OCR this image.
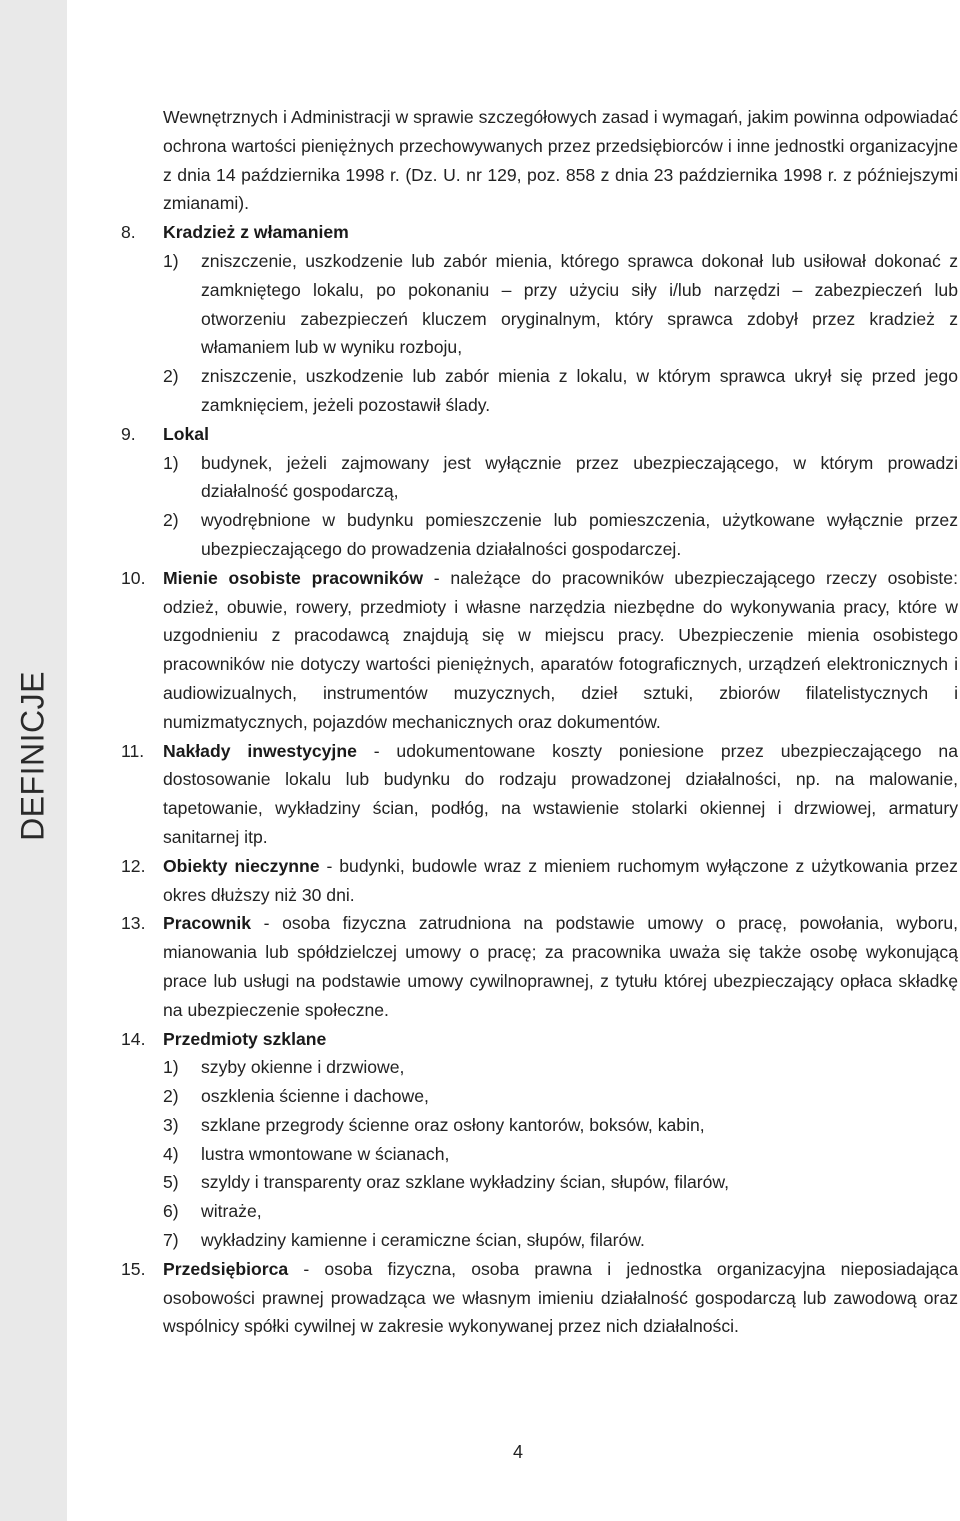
DEFINICJE

Wewnętrznych i Administracji w sprawie szczegółowych zasad i wymagań, jakim powinna odpowiadać ochrona wartości pieniężnych przechowywanych przez przedsiębiorców i inne jednostki organizacyjne z dnia 14 października 1998 r. (Dz. U. nr 129, poz. 858 z dnia 23 października 1998 r. z późniejszymi zmianami).

8. Kradzież z włamaniem

1) zniszczenie, uszkodzenie lub zabór mienia, którego sprawca dokonał lub usiłował dokonać z zamkniętego lokalu, po pokonaniu – przy użyciu siły i/lub narzędzi – zabezpieczeń lub otworzeniu zabezpieczeń kluczem oryginalnym, który sprawca zdobył przez kradzież z włamaniem lub w wyniku rozboju,

2) zniszczenie, uszkodzenie lub zabór mienia z lokalu, w którym sprawca ukrył się przed jego zamknięciem, jeżeli pozostawił ślady.

9. Lokal

1) budynek, jeżeli zajmowany jest wyłącznie przez ubezpieczającego, w którym prowadzi działalność gospodarczą,

2) wyodrębnione w budynku pomieszczenie lub pomieszczenia, użytkowane wyłącznie przez ubezpieczającego do prowadzenia działalności gospodarczej.

10. Mienie osobiste pracowników - należące do pracowników ubezpieczającego rzeczy osobiste: odzież, obuwie, rowery, przedmioty i własne narzędzia niezbędne do wykonywania pracy, które w uzgodnieniu z pracodawcą znajdują się w miejscu pracy. Ubezpieczenie mienia osobistego pracowników nie dotyczy wartości pieniężnych, aparatów fotograficznych, urządzeń elektronicznych i audiowizualnych, instrumentów muzycznych, dzieł sztuki, zbiorów filatelistycznych i numizmatycznych, pojazdów mechanicznych oraz dokumentów.

11. Nakłady inwestycyjne - udokumentowane koszty poniesione przez ubezpieczającego na dostosowanie lokalu lub budynku do rodzaju prowadzonej działalności, np. na malowanie, tapetowanie, wykładziny ścian, podłóg, na wstawienie stolarki okiennej i drzwiowej, armatury sanitarnej itp.

12. Obiekty nieczynne - budynki, budowle wraz z mieniem ruchomym wyłączone z użytkowania przez okres dłuższy niż 30 dni.

13. Pracownik - osoba fizyczna zatrudniona na podstawie umowy o pracę, powołania, wyboru, mianowania lub spółdzielczej umowy o pracę; za pracownika uważa się także osobę wykonującą prace lub usługi na podstawie umowy cywilnoprawnej, z tytułu której ubezpieczający opłaca składkę na ubezpieczenie społeczne.

14. Przedmioty szklane

1) szyby okienne i drzwiowe,

2) oszklenia ścienne i dachowe,

3) szklane przegrody ścienne oraz osłony kantorów, boksów, kabin,

4) lustra wmontowane w ścianach,

5) szyldy i transparenty oraz szklane wykładziny ścian, słupów, filarów,

6) witraże,

7) wykładziny kamienne i ceramiczne ścian, słupów, filarów.

15. Przedsiębiorca - osoba fizyczna, osoba prawna i jednostka organizacyjna nieposiadająca osobowości prawnej prowadząca we własnym imieniu działalność gospodarczą lub zawodową oraz wspólnicy spółki cywilnej w zakresie wykonywanej przez nich działalności.

4
